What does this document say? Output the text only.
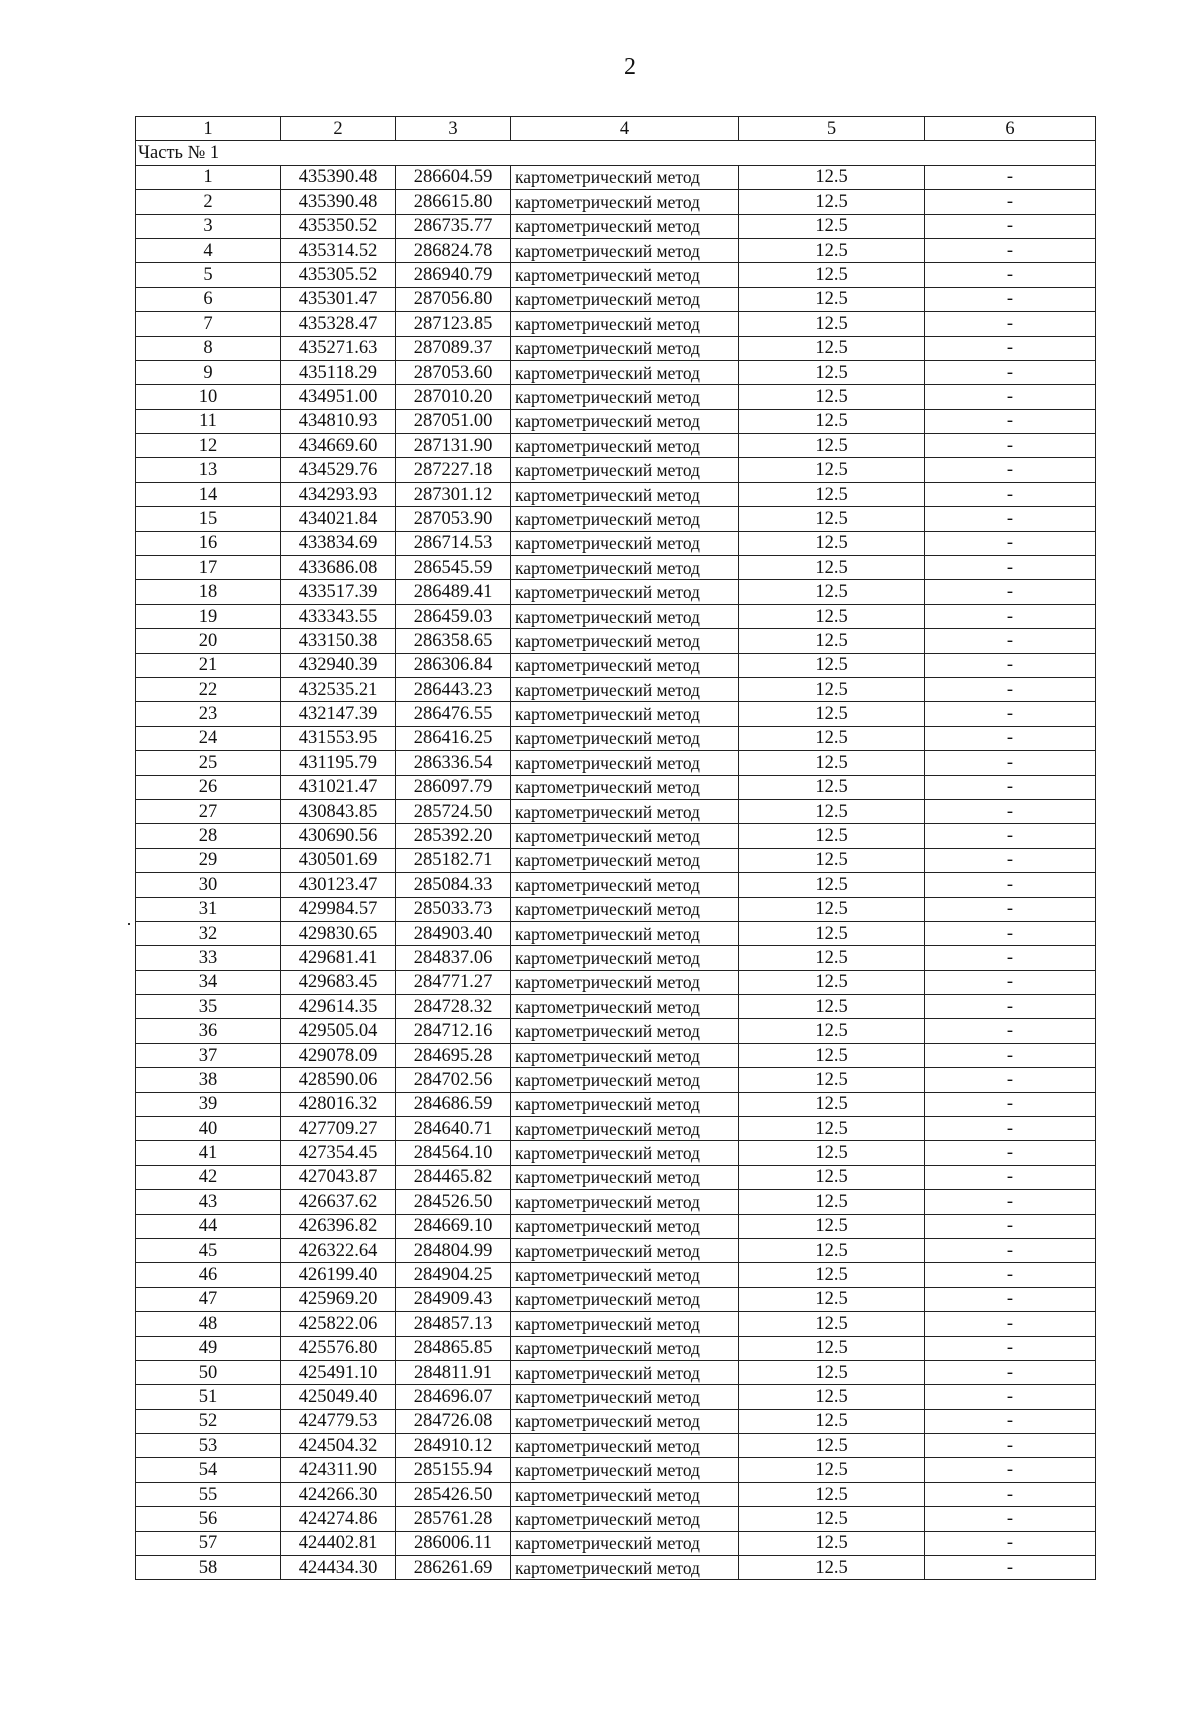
2
1	2	3	4	5	6
Часть № 1					
1	435390.48	286604.59	картометрический метод	12.5	-
2	435390.48	286615.80	картометрический метод	12.5	-
3	435350.52	286735.77	картометрический метод	12.5	-
4	435314.52	286824.78	картометрический метод	12.5	-
5	435305.52	286940.79	картометрический метод	12.5	-
6	435301.47	287056.80	картометрический метод	12.5	-
7	435328.47	287123.85	картометрический метод	12.5	-
8	435271.63	287089.37	картометрический метод	12.5	-
9	435118.29	287053.60	картометрический метод	12.5	-
10	434951.00	287010.20	картометрический метод	12.5	-
11	434810.93	287051.00	картометрический метод	12.5	-
12	434669.60	287131.90	картометрический метод	12.5	-
13	434529.76	287227.18	картометрический метод	12.5	-
14	434293.93	287301.12	картометрический метод	12.5	-
15	434021.84	287053.90	картометрический метод	12.5	-
16	433834.69	286714.53	картометрический метод	12.5	-
17	433686.08	286545.59	картометрический метод	12.5	-
18	433517.39	286489.41	картометрический метод	12.5	-
19	433343.55	286459.03	картометрический метод	12.5	-
20	433150.38	286358.65	картометрический метод	12.5	-
21	432940.39	286306.84	картометрический метод	12.5	-
22	432535.21	286443.23	картометрический метод	12.5	-
23	432147.39	286476.55	картометрический метод	12.5	-
24	431553.95	286416.25	картометрический метод	12.5	-
25	431195.79	286336.54	картометрический метод	12.5	-
26	431021.47	286097.79	картометрический метод	12.5	-
27	430843.85	285724.50	картометрический метод	12.5	-
28	430690.56	285392.20	картометрический метод	12.5	-
29	430501.69	285182.71	картометрический метод	12.5	-
30	430123.47	285084.33	картометрический метод	12.5	-
31	429984.57	285033.73	картометрический метод	12.5	-
32	429830.65	284903.40	картометрический метод	12.5	-
33	429681.41	284837.06	картометрический метод	12.5	-
34	429683.45	284771.27	картометрический метод	12.5	-
35	429614.35	284728.32	картометрический метод	12.5	-
36	429505.04	284712.16	картометрический метод	12.5	-
37	429078.09	284695.28	картометрический метод	12.5	-
38	428590.06	284702.56	картометрический метод	12.5	-
39	428016.32	284686.59	картометрический метод	12.5	-
40	427709.27	284640.71	картометрический метод	12.5	-
41	427354.45	284564.10	картометрический метод	12.5	-
42	427043.87	284465.82	картометрический метод	12.5	-
43	426637.62	284526.50	картометрический метод	12.5	-
44	426396.82	284669.10	картометрический метод	12.5	-
45	426322.64	284804.99	картометрический метод	12.5	-
46	426199.40	284904.25	картометрический метод	12.5	-
47	425969.20	284909.43	картометрический метод	12.5	-
48	425822.06	284857.13	картометрический метод	12.5	-
49	425576.80	284865.85	картометрический метод	12.5	-
50	425491.10	284811.91	картометрический метод	12.5	-
51	425049.40	284696.07	картометрический метод	12.5	-
52	424779.53	284726.08	картометрический метод	12.5	-
53	424504.32	284910.12	картометрический метод	12.5	-
54	424311.90	285155.94	картометрический метод	12.5	-
55	424266.30	285426.50	картометрический метод	12.5	-
56	424274.86	285761.28	картометрический метод	12.5	-
57	424402.81	286006.11	картометрический метод	12.5	-
58	424434.30	286261.69	картометрический метод	12.5	-
